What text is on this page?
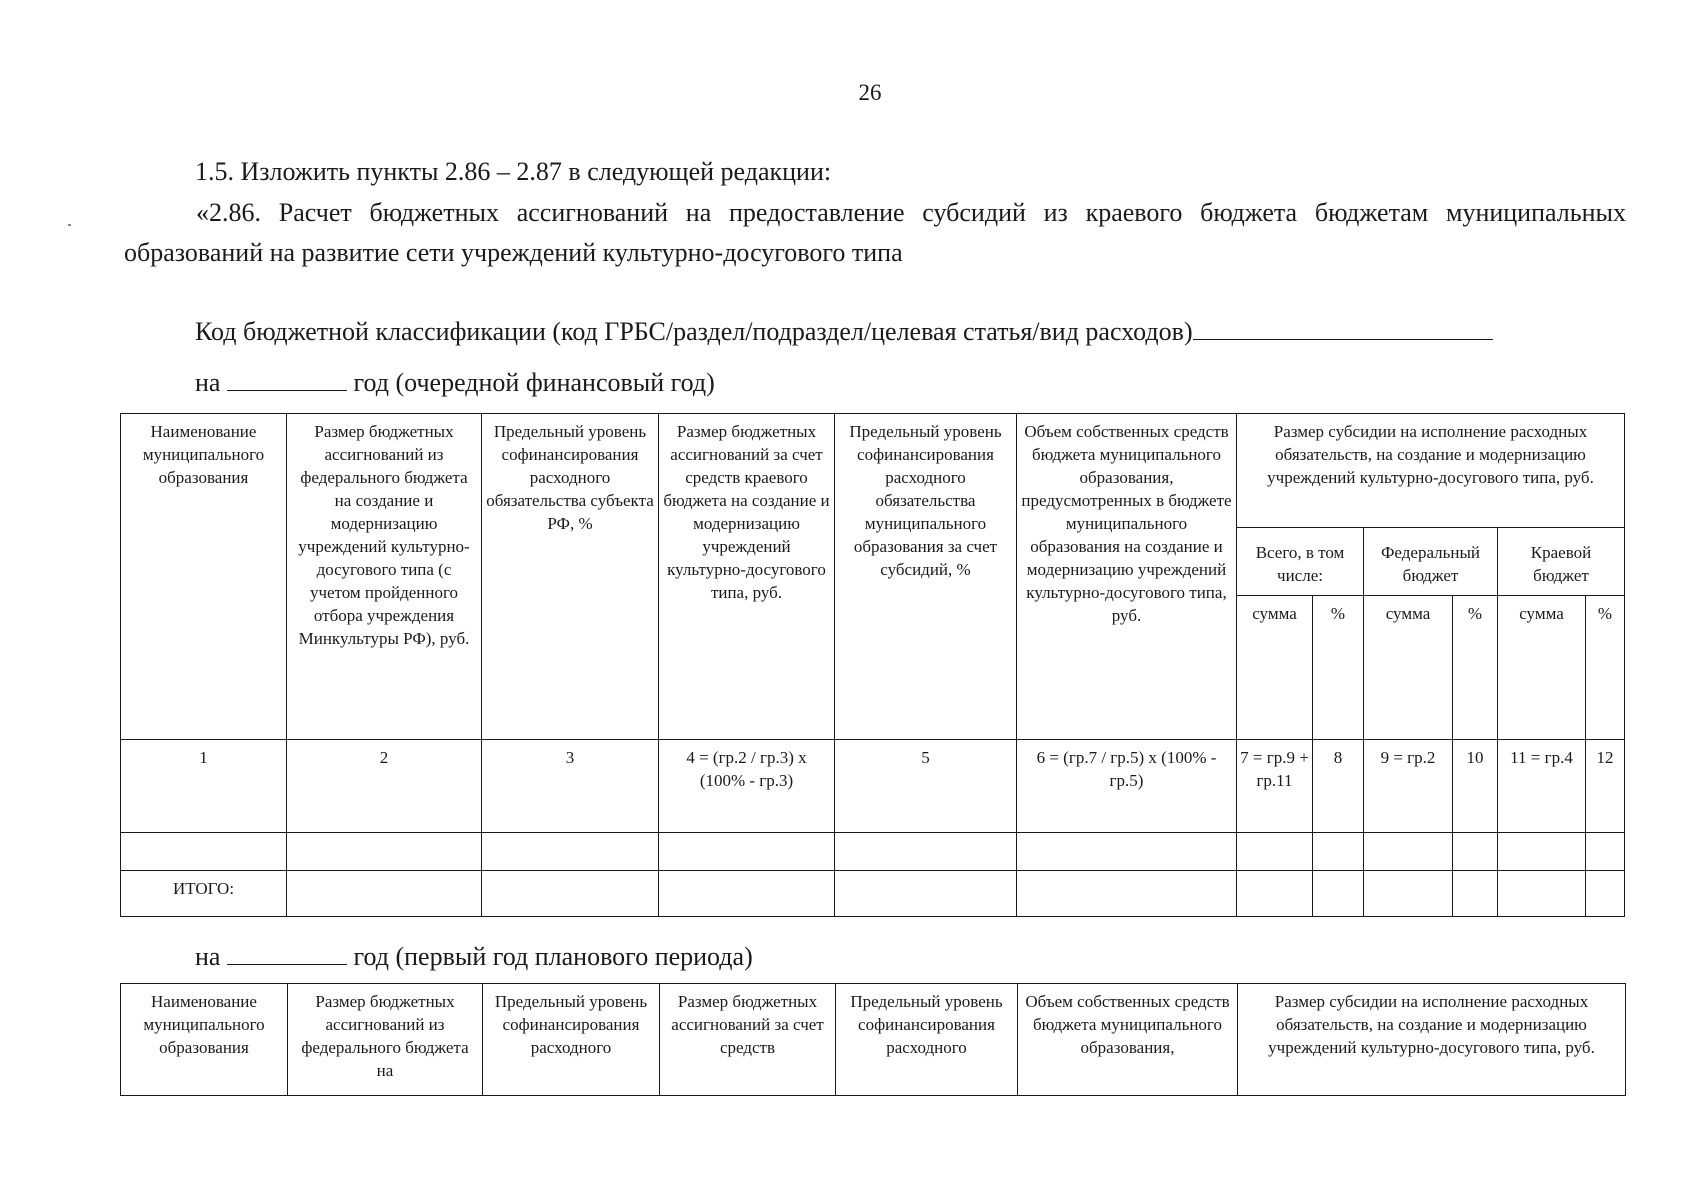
26
1.5. Изложить пункты 2.86 – 2.87 в следующей редакции:
«2.86. Расчет бюджетных ассигнований на предоставление субсидий из краевого бюджета бюджетам муниципальных образований на развитие сети учреждений культурно-досугового типа
Код бюджетной классификации (код ГРБС/раздел/подраздел/целевая статья/вид расходов)
на	год (очередной финансовый год)
Наименование муниципального образования	Размер бюджетных ассигнований из федерального бюджета на создание и модернизацию учреждений культурно-досугового типа (с учетом пройденного отбора учреждения Минкультуры РФ), руб.	Предельный уровень софинансирования расходного обязательства субъекта РФ, %	Размер бюджетных ассигнований за счет средств краевого бюджета на создание и модернизацию учреждений культурно-досугового типа, руб.	Предельный уровень софинансирования расходного обязательства муниципального образования за счет субсидий, %	Объем собственных средств бюджета муниципального образования, предусмотренных в бюджете муниципального образования на создание и модернизацию учреждений культурно-досугового типа, руб.	Размер субсидии на исполнение расходных обязательств, на создание и модернизацию учреждений культурно-досугового типа, руб.					
						Всего, в том числе:		Федеральный бюджет		Краевой бюджет	
						сумма	%	сумма	%	сумма	%
1	2	3	4 = (гр.2 / гр.3) х (100% - гр.3)	5	6 = (гр.7 / гр.5) х (100% - гр.5)	7 = гр.9 + гр.11	8	9 = гр.2	10	11 = гр.4	12

ИТОГО:											
на	год (первый год планового периода)
Наименование муниципального образования	Размер бюджетных ассигнований из федерального бюджета на	Предельный уровень софинансирования расходного	Размер бюджетных ассигнований за счет средств	Предельный уровень софинансирования расходного	Объем собственных средств бюджета муниципального образования,	Размер субсидии на исполнение расходных обязательств, на создание и модернизацию учреждений культурно-досугового типа, руб.
